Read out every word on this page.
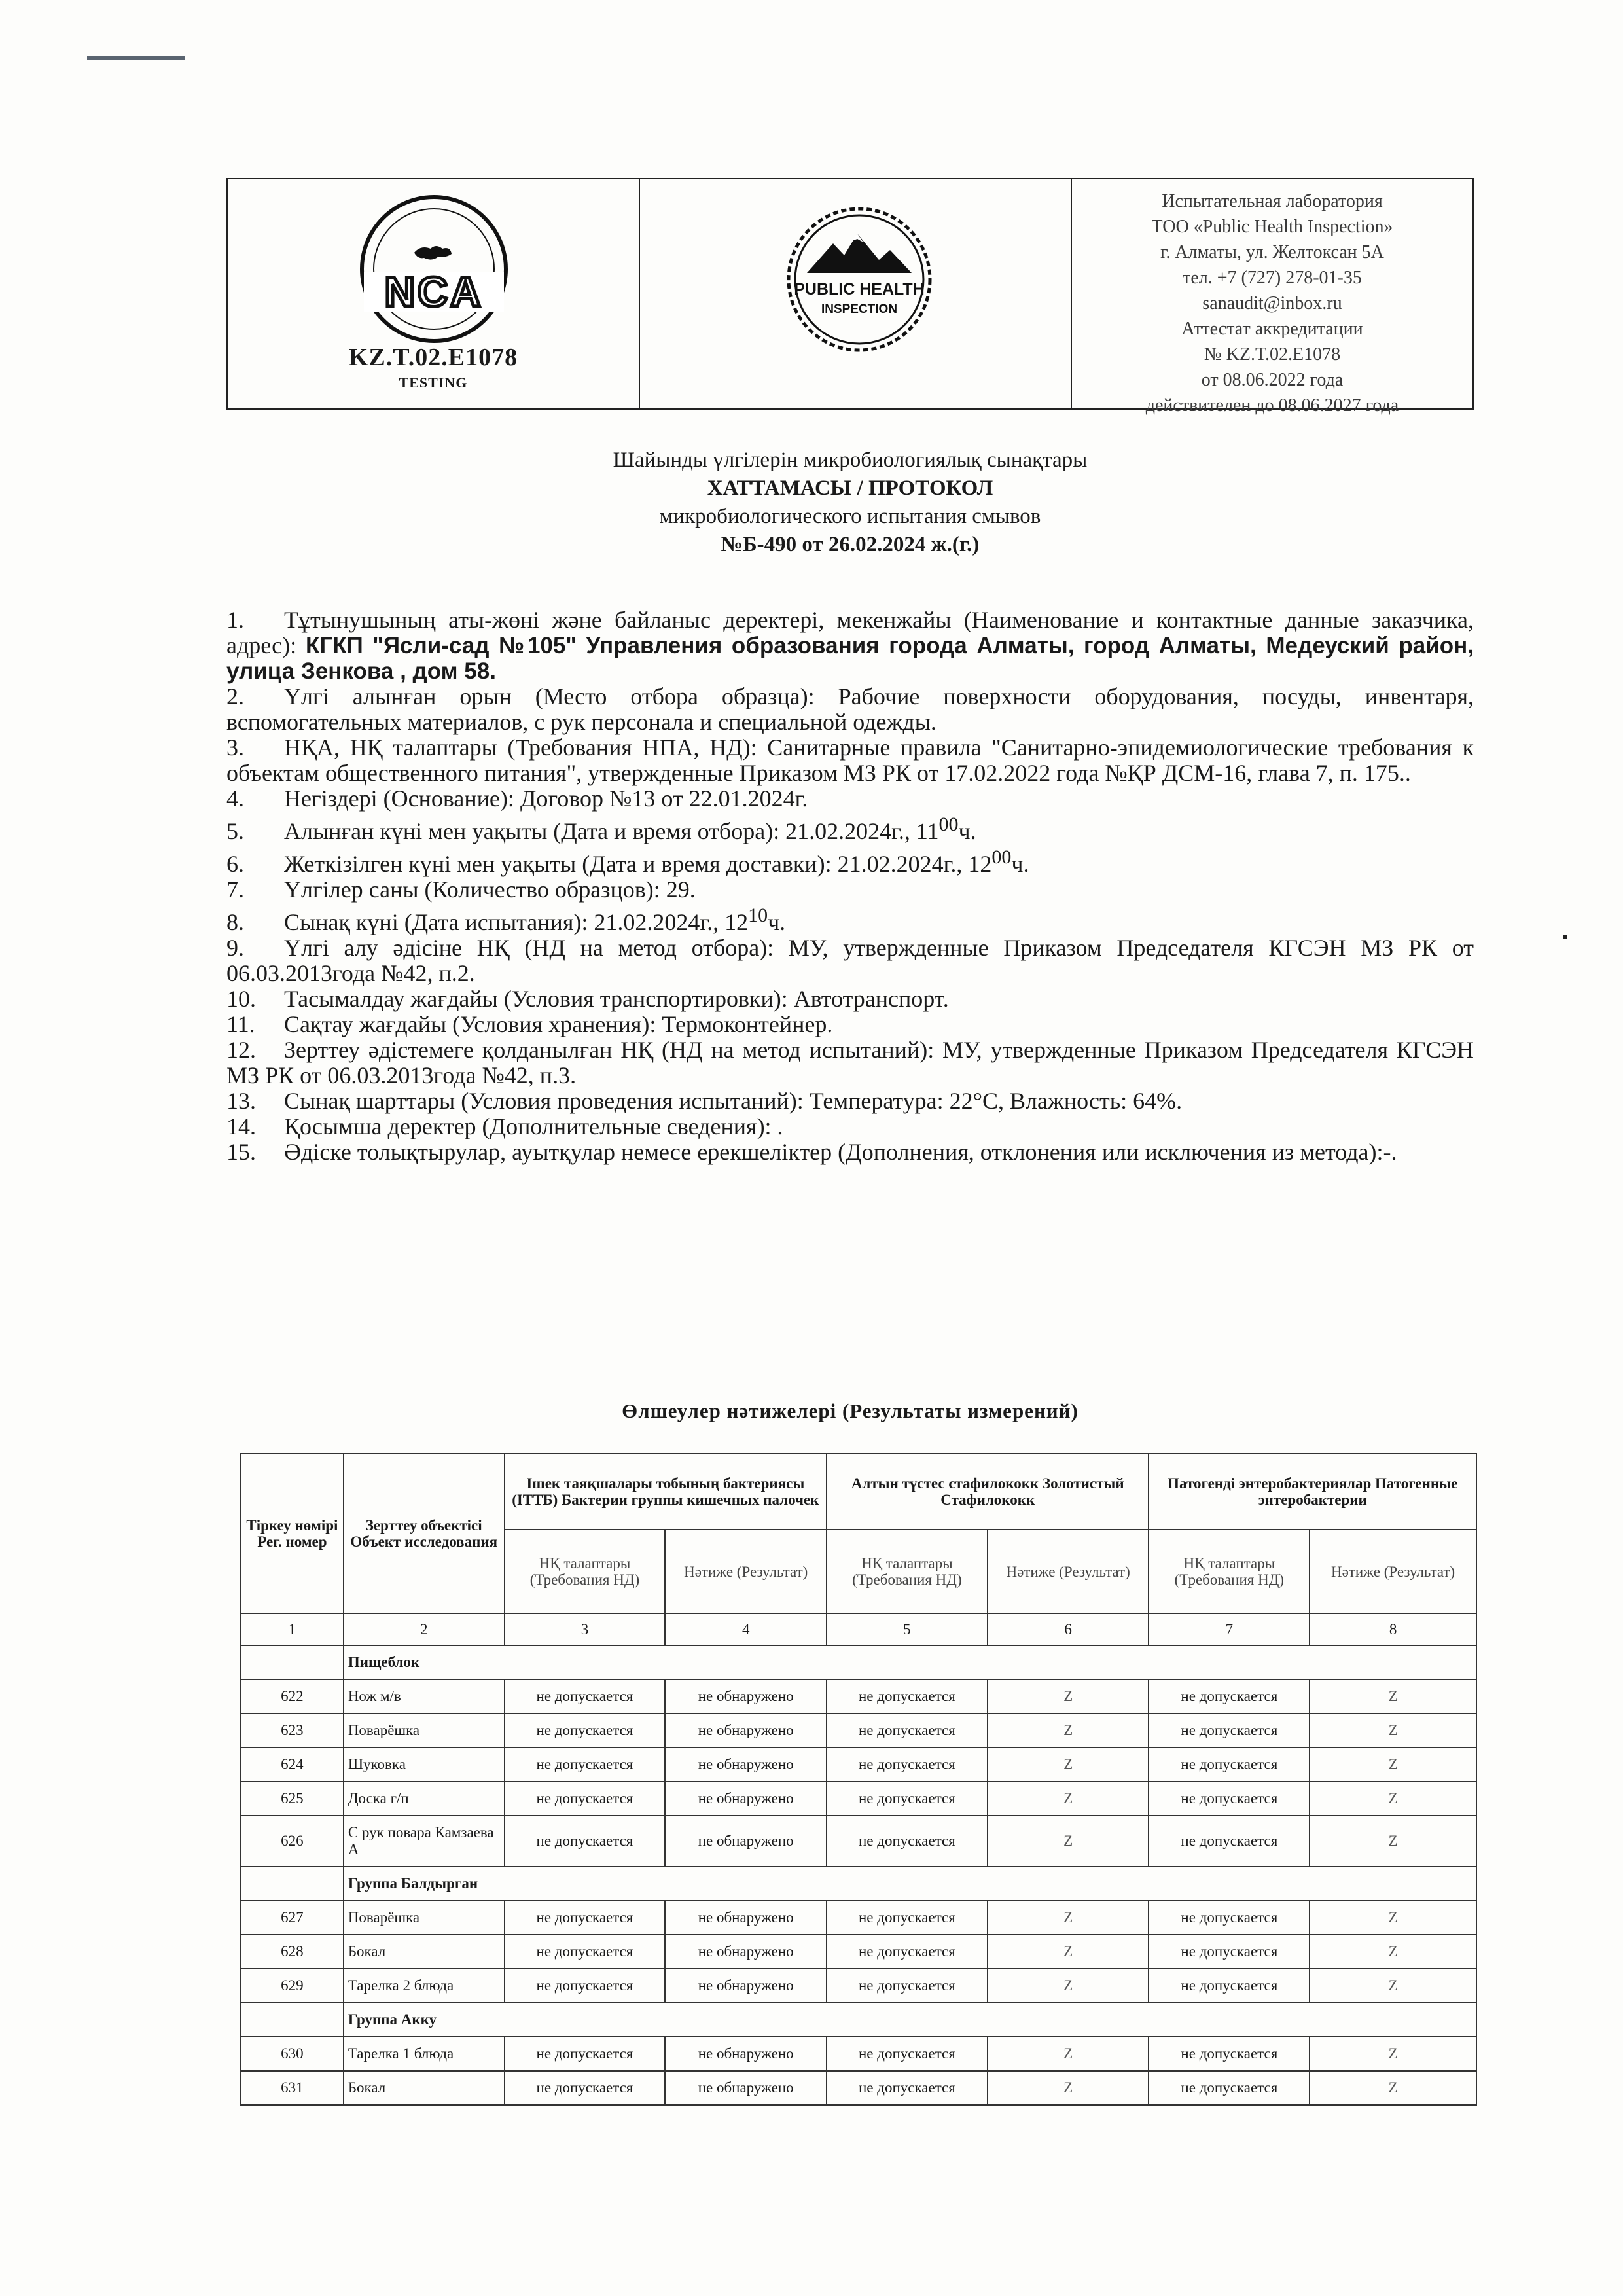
NCA
KZ.T.02.E1078
TESTING
PUBLIC HEALTH
INSPECTION
Испытательная лаборатория
ТОО «Public Health Inspection»
г. Алматы, ул. Желтоксан 5А
тел. +7 (727) 278-01-35
sanaudit@inbox.ru
Аттестат аккредитации
№ KZ.T.02.E1078
от 08.06.2022 года
действителен до 08.06.2027 года
Шайынды үлгілерін микробиологиялық сынақтары
ХАТТАМАСЫ / ПРОТОКОЛ
микробиологического испытания смывов
№Б-490 от 26.02.2024 ж.(г.)

1. Тұтынушының аты-жөні және байланыс деректері, мекенжайы (Наименование и контактные данные заказчика, адрес): КГКП "Ясли-сад №105" Управления образования города Алматы, город Алматы, Медеуский район, улица Зенкова , дом 58.

2. Үлгі алынған орын (Место отбора образца): Рабочие поверхности оборудования, посуды, инвентаря, вспомогательных материалов, с рук персонала и специальной одежды.

3. НҚА, НҚ талаптары (Требования НПА, НД): Санитарные правила "Санитарно-эпидемиологические требования к объектам общественного питания", утвержденные Приказом МЗ РК от 17.02.2022 года №ҚР ДСМ-16, глава 7, п. 175..

4. Негіздері (Основание): Договор №13 от 22.01.2024г.

5. Алынған күні мен уақыты (Дата и время отбора): 21.02.2024г., $11^{00}ч$.

6. Жеткізілген күні мен уақыты (Дата и время доставки): 21.02.2024г., $12^{00}ч$.

7. Үлгілер саны (Количество образцов): 29.

8. Сынақ күні (Дата испытания): 21.02.2024г., $12^{10}ч$.

9. Үлгі алу әдісіне НҚ (НД на метод отбора): МУ, утвержденные Приказом Председателя КГСЭН МЗ РК от 06.03.2013года №42, п.2.

10. Тасымалдау жағдайы (Условия транспортировки): Автотранспорт.

11. Сақтау жағдайы (Условия хранения): Термоконтейнер.

12. Зерттеу әдістемеге қолданылған НҚ (НД на метод испытаний): МУ, утвержденные Приказом Председателя КГСЭН МЗ РК от 06.03.2013года №42, п.3.

13. Сынақ шарттары (Условия проведения испытаний): Температура: 22°С, Влажность: 64%.

14. Қосымша деректер (Дополнительные сведения): .

15. Әдіске толықтырулар, ауытқулар немесе ерекшеліктер (Дополнения, отклонения или исключения из метода):-.

Өлшеулер нәтижелері (Результаты измерений)
Тіркеу нөмірі Рег. номер	Зерттеу объектісі Объект исследования	Ішек таяқшалары тобының бактериясы (ІТТБ) Бактерии группы кишечных палочек		Алтын түстес стафилококк Золотистый Стафилококк		Патогенді энтеробактериялар Патогенные энтеробактерии	
		НҚ талаптары (Требования НД)	Нәтиже (Результат)	НҚ талаптары (Требования НД)	Нәтиже (Результат)	НҚ талаптары (Требования НД)	Нәтиже (Результат)
1	2	3	4	5	6	7	8
	Пищеблок						
622	Нож м/в	не допускается	не обнаружено	не допускается	Z	не допускается	Z
623	Поварёшка	не допускается	не обнаружено	не допускается	Z	не допускается	Z
624	Шуковка	не допускается	не обнаружено	не допускается	Z	не допускается	Z
625	Доска г/п	не допускается	не обнаружено	не допускается	Z	не допускается	Z
626	С рук повара Камзаева А	не допускается	не обнаружено	не допускается	Z	не допускается	Z
	Группа Балдырган						
627	Поварёшка	не допускается	не обнаружено	не допускается	Z	не допускается	Z
628	Бокал	не допускается	не обнаружено	не допускается	Z	не допускается	Z
629	Тарелка 2 блюда	не допускается	не обнаружено	не допускается	Z	не допускается	Z
	Группа Акку						
630	Тарелка 1 блюда	не допускается	не обнаружено	не допускается	Z	не допускается	Z
631	Бокал	не допускается	не обнаружено	не допускается	Z	не допускается	Z
